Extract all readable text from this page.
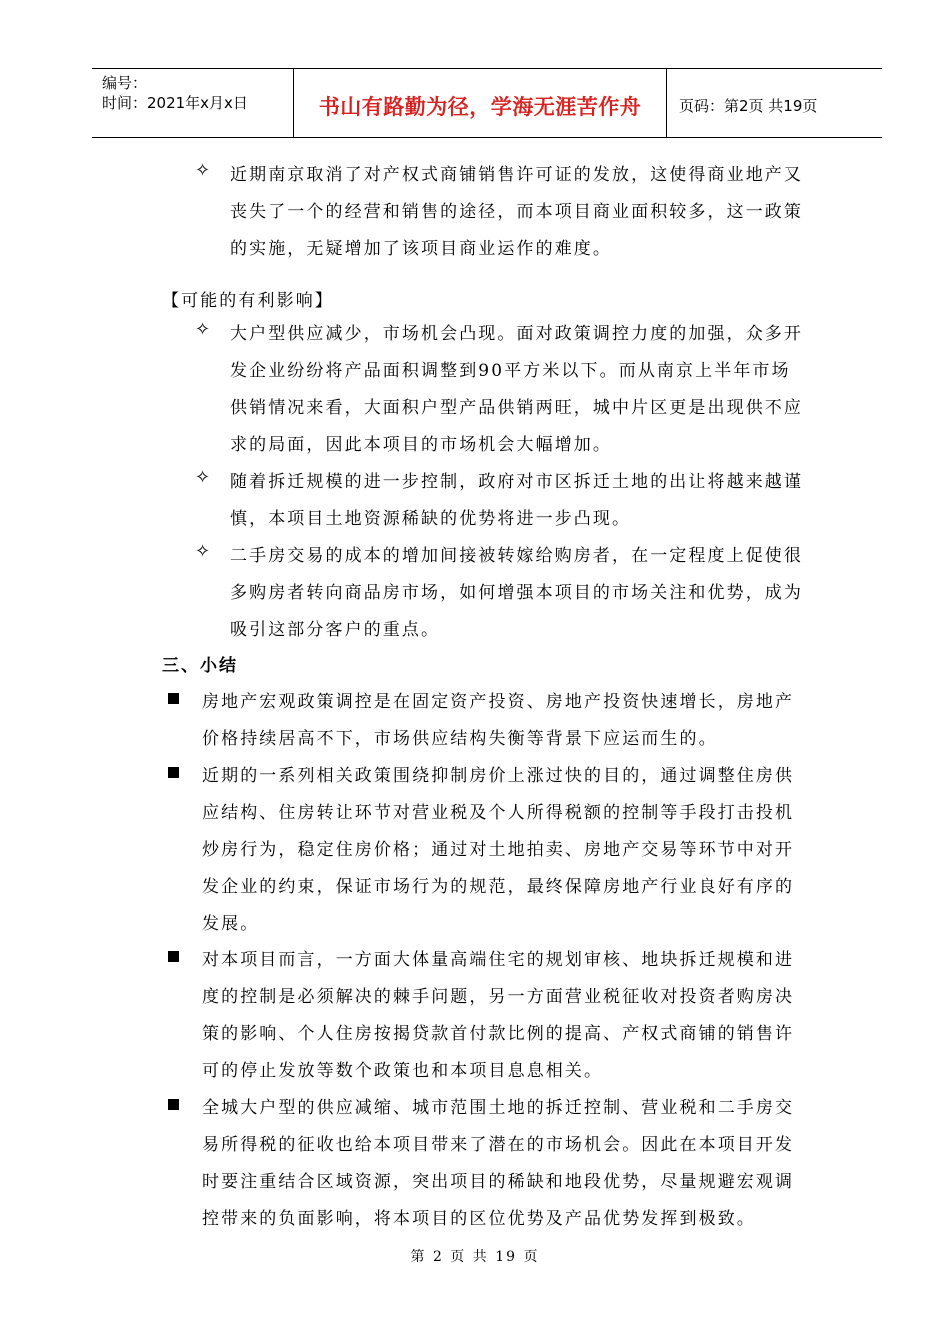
编号：
时间：2021年x月x日	书山有路勤为径，学海无涯苦作舟	页码：第2页 共19页
✧ 近期南京取消了对产权式商铺销售许可证的发放，这使得商业地产又
丧失了一个的经营和销售的途径，而本项目商业面积较多，这一政策
的实施，无疑增加了该项目商业运作的难度。
【可能的有利影响】
✧ 大户型供应减少，市场机会凸现。面对政策调控力度的加强，众多开
发企业纷纷将产品面积调整到90平方米以下。而从南京上半年市场
供销情况来看，大面积户型产品供销两旺，城中片区更是出现供不应
求的局面，因此本项目的市场机会大幅增加。
✧ 随着拆迁规模的进一步控制，政府对市区拆迁土地的出让将越来越谨
慎，本项目土地资源稀缺的优势将进一步凸现。
✧ 二手房交易的成本的增加间接被转嫁给购房者，在一定程度上促使很
多购房者转向商品房市场，如何增强本项目的市场关注和优势，成为
吸引这部分客户的重点。
三、小结
房地产宏观政策调控是在固定资产投资、房地产投资快速增长，房地产
价格持续居高不下，市场供应结构失衡等背景下应运而生的。
近期的一系列相关政策围绕抑制房价上涨过快的目的，通过调整住房供
应结构、住房转让环节对营业税及个人所得税额的控制等手段打击投机
炒房行为，稳定住房价格；通过对土地拍卖、房地产交易等环节中对开
发企业的约束，保证市场行为的规范，最终保障房地产行业良好有序的
发展。
对本项目而言，一方面大体量高端住宅的规划审核、地块拆迁规模和进
度的控制是必须解决的棘手问题，另一方面营业税征收对投资者购房决
策的影响、个人住房按揭贷款首付款比例的提高、产权式商铺的销售许
可的停止发放等数个政策也和本项目息息相关。
全城大户型的供应减缩、城市范围土地的拆迁控制、营业税和二手房交
易所得税的征收也给本项目带来了潜在的市场机会。因此在本项目开发
时要注重结合区域资源，突出项目的稀缺和地段优势，尽量规避宏观调
控带来的负面影响，将本项目的区位优势及产品优势发挥到极致。
第 2 页 共 19 页
